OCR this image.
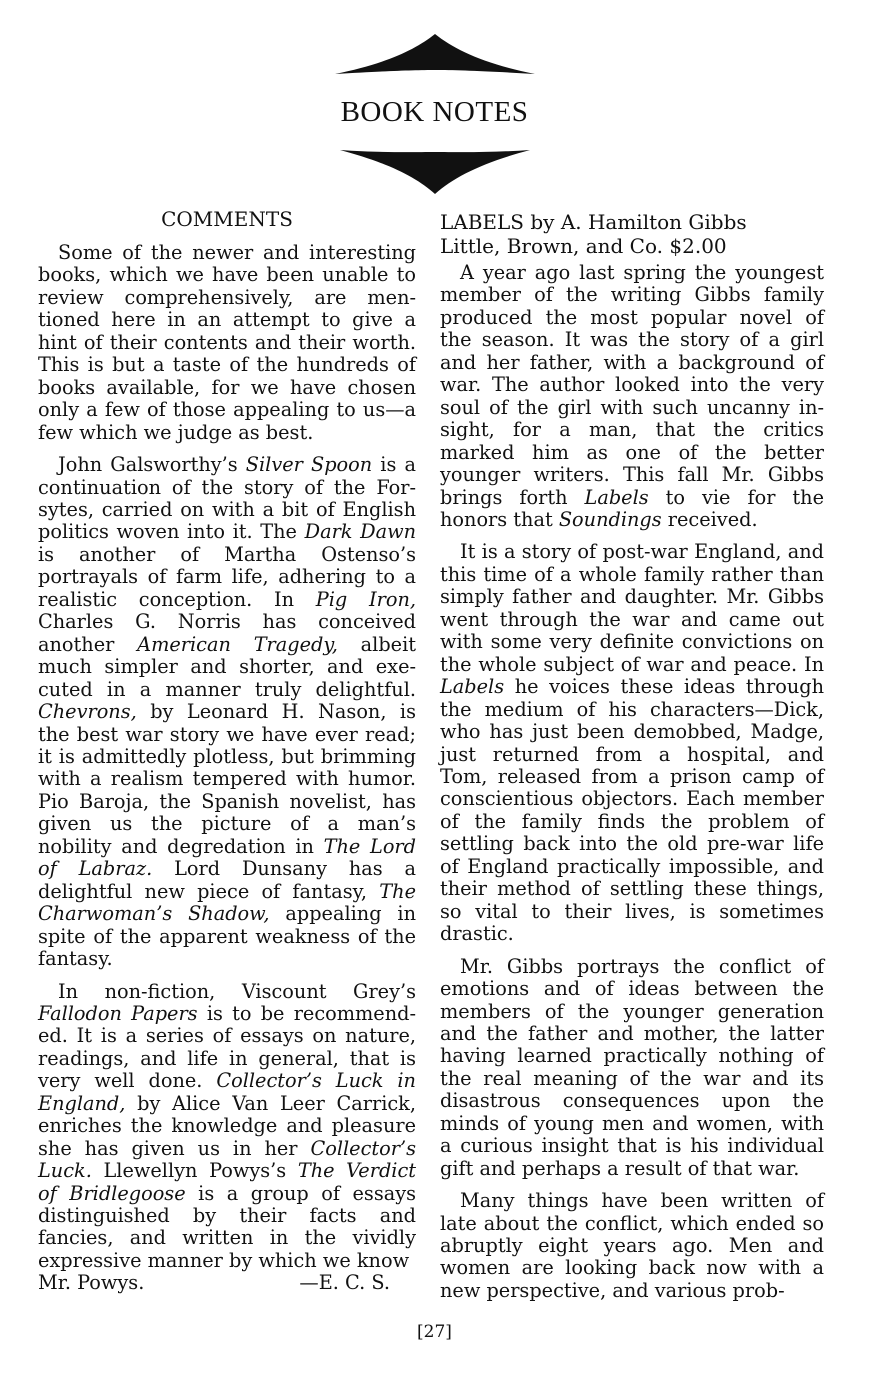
BOOK NOTES
COMMENTS

Some of the newer and interesting books, which we have been unable to review comprehensively, are mentioned here in an attempt to give a hint of their contents and their worth. This is but a taste of the hundreds of books available, for we have chosen only a few of those appealing to us—a few which we judge as best.

John Galsworthy’s Silver Spoon is a continuation of the story of the Forsytes, carried on with a bit of English politics woven into it. The Dark Dawn is another of Martha Ostenso’s portrayals of farm life, adhering to a realistic conception. In Pig Iron, Charles G. Norris has conceived another American Tragedy, albeit much simpler and shorter, and executed in a manner truly delightful. Chevrons, by Leonard H. Nason, is the best war story we have ever read; it is admittedly plotless, but brimming with a realism tempered with humor. Pio Baroja, the Spanish novelist, has given us the picture of a man’s nobility and degredation in The Lord of Labraz. Lord Dunsany has a delightful new piece of fantasy, The Charwoman’s Shadow, appealing in spite of the apparent weakness of the fantasy.

In non-fiction, Viscount Grey’s Fallodon Papers is to be recommended. It is a series of essays on nature, readings, and life in general, that is very well done. Collector’s Luck in England, by Alice Van Leer Carrick, enriches the knowledge and pleasure she has given us in her Collector’s Luck. Llewellyn Powys’s The Verdict of Bridlegoose is a group of essays distinguished by their facts and fancies, and written in the vividly expressive manner by which we know

Mr. Powys.	—E. C. S.
LABELS by A. Hamilton Gibbs
Little, Brown, and Co. $2.00

A year ago last spring the youngest member of the writing Gibbs family produced the most popular novel of the season. It was the story of a girl and her father, with a background of war. The author looked into the very soul of the girl with such uncanny insight, for a man, that the critics marked him as one of the better younger writers. This fall Mr. Gibbs brings forth Labels to vie for the honors that Soundings received.

It is a story of post-war England, and this time of a whole family rather than simply father and daughter. Mr. Gibbs went through the war and came out with some very definite convictions on the whole subject of war and peace. In Labels he voices these ideas through the medium of his characters—Dick, who has just been demobbed, Madge, just returned from a hospital, and Tom, released from a prison camp of conscientious objectors. Each member of the family finds the problem of settling back into the old pre-war life of England practically impossible, and their method of settling these things, so vital to their lives, is sometimes drastic.

Mr. Gibbs portrays the conflict of emotions and of ideas between the members of the younger generation and the father and mother, the latter having learned practically nothing of the real meaning of the war and its disastrous consequences upon the minds of young men and women, with a curious insight that is his individual gift and perhaps a result of that war.

Many things have been written of late about the conflict, which ended so abruptly eight years ago. Men and women are looking back now with a new perspective, and various prob-

[27]
